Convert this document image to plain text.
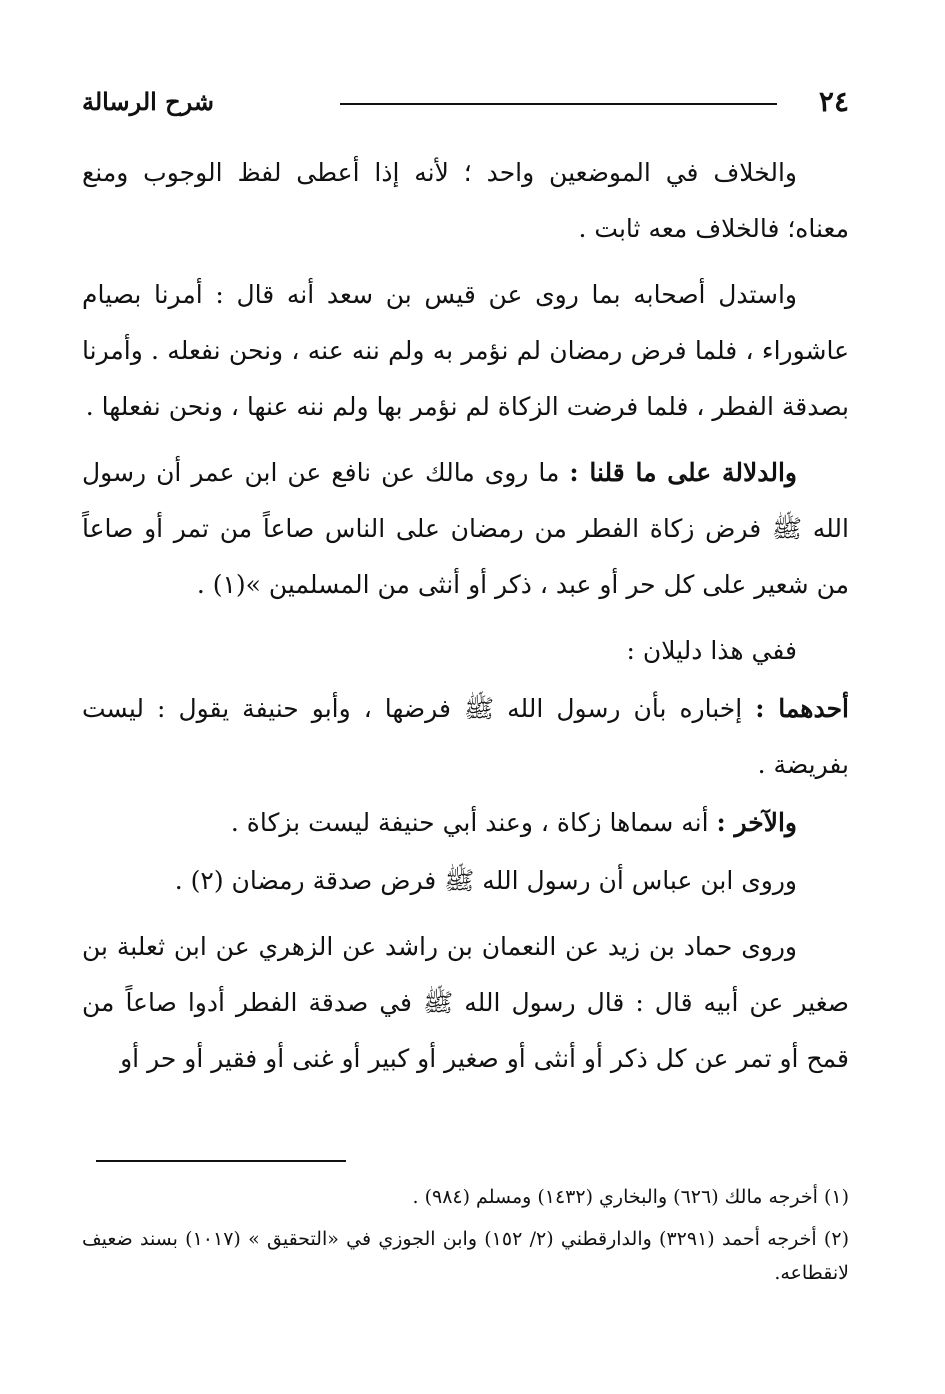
٢٤
شرح الرسالة

والخلاف في الموضعين واحد ؛ لأنه إذا أعطى لفظ الوجوب ومنع معناه؛ فالخلاف معه ثابت .

واستدل أصحابه بما روى عن قيس بن سعد أنه قال : أمرنا بصيام عاشوراء ، فلما فرض رمضان لم نؤمر به ولم ننه عنه ، ونحن نفعله . وأمرنا بصدقة الفطر ، فلما فرضت الزكاة لم نؤمر بها ولم ننه عنها ، ونحن نفعلها .

والدلالة على ما قلنا : ما روى مالك عن نافع عن ابن عمر أن رسول الله ﷺ فرض زكاة الفطر من رمضان على الناس صاعاً من تمر أو صاعاً من شعير على كل حر أو عبد ، ذكر أو أنثى من المسلمين »(١) .

ففي هذا دليلان :

أحدهما : إخباره بأن رسول الله ﷺ فرضها ، وأبو حنيفة يقول : ليست بفريضة .

والآخر : أنه سماها زكاة ، وعند أبي حنيفة ليست بزكاة .

وروى ابن عباس أن رسول الله ﷺ فرض صدقة رمضان (٢) .

وروى حماد بن زيد عن النعمان بن راشد عن الزهري عن ابن ثعلبة بن صغير عن أبيه قال : قال رسول الله ﷺ في صدقة الفطر أدوا صاعاً من قمح أو تمر عن كل ذكر أو أنثى أو صغير أو كبير أو غنى أو فقير أو حر أو

(١) أخرجه مالك (٦٢٦) والبخاري (١٤٣٢) ومسلم (٩٨٤) .

(٢) أخرجه أحمد (٣٢٩١) والدارقطني (٢/ ١٥٢) وابن الجوزي في «التحقيق » (١٠١٧) بسند ضعيف لانقطاعه.
